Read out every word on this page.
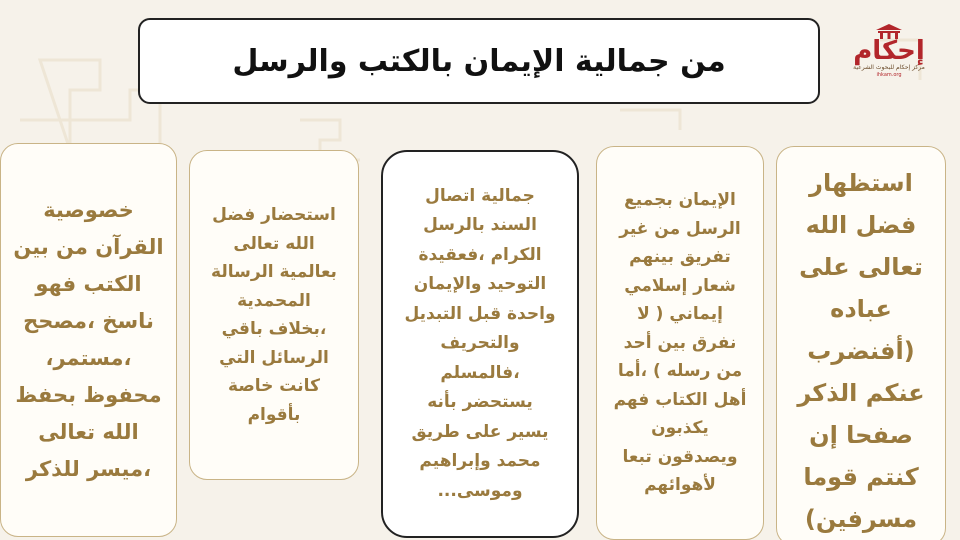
من جمالية الإيمان بالكتب والرسل	إحكام
مركز إحكام للبحوث الشرعية
ihkam.org

استظهار
فضل الله
تعالى على
عباده
(أفنضرب
عنكم الذكر
صفحا إن
كنتم قوما
مسرفين)

الإيمان بجميع
الرسل من غير
تفريق بينهم
شعار إسلامي
إيماني ( لا
نفرق بين أحد
من رسله ) ،أما
أهل الكتاب فهم
يكذبون
ويصدقون تبعا
لأهوائهم

جمالية اتصال
السند بالرسل
الكرام ،فعقيدة
التوحيد والإيمان
واحدة قبل التبديل
والتحريف
،فالمسلم
يستحضر بأنه
يسير على طريق
محمد وإبراهيم
وموسى...

استحضار فضل
الله تعالى
بعالمية الرسالة
المحمدية
،بخلاف باقي
الرسائل التي
كانت خاصة
بأقوام

خصوصية
القرآن من بين
الكتب فهو
ناسخ ،مصحح
،مستمر،
محفوظ بحفظ
الله تعالى
،ميسر للذكر
